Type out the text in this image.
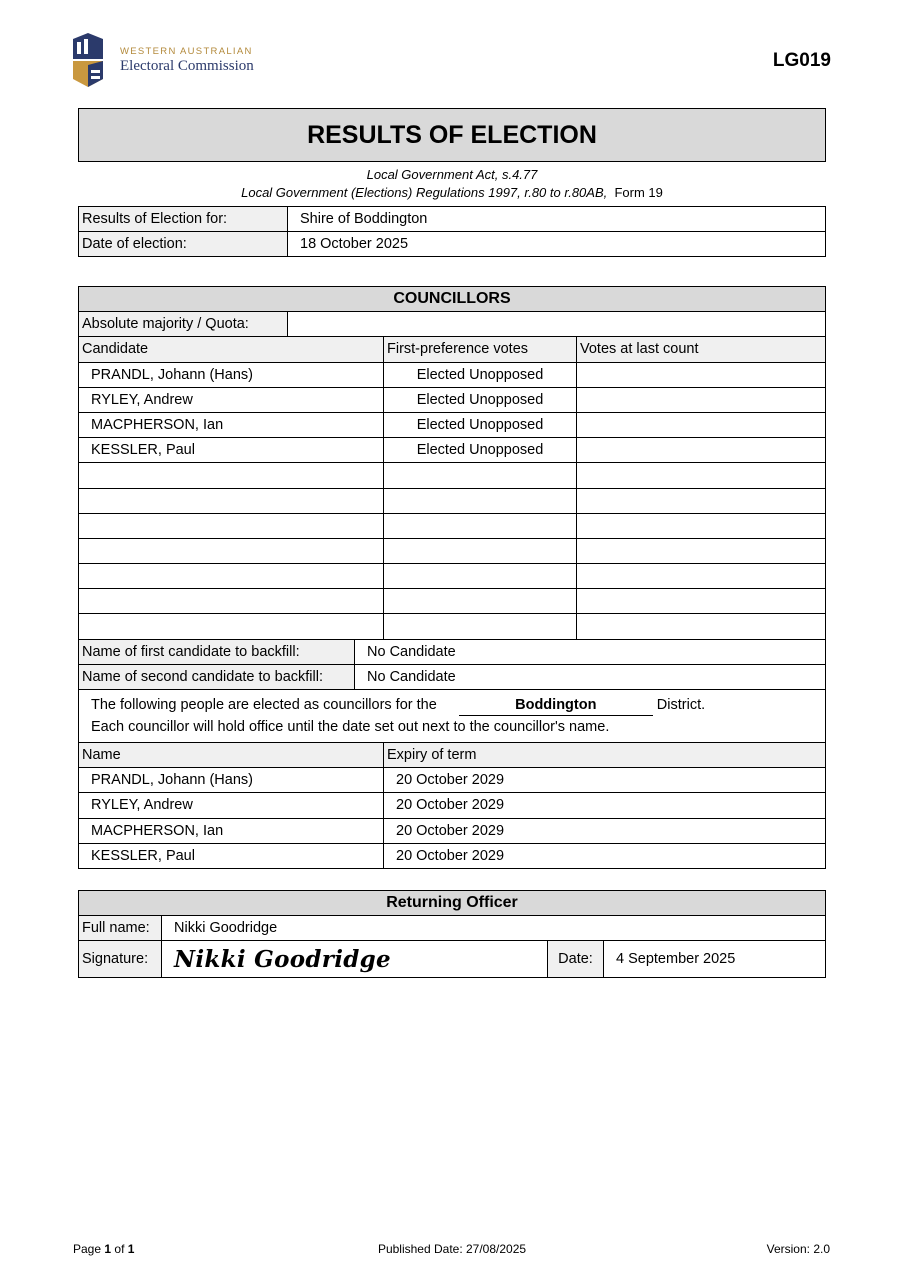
WESTERN AUSTRALIAN
Electoral Commission	LG019
RESULTS OF ELECTION
Local Government Act, s.4.77
Local Government (Elections) Regulations 1997, r.80 to r.80AB, Form 19
Results of Election for:	Shire of Boddington
Date of election:	18 October 2025
COUNCILLORS				
Absolute majority / Quota:				
Candidate			First-preference votes	Votes at last count
PRANDL, Johann (Hans)			Elected Unopposed	
RYLEY, Andrew			Elected Unopposed	
MACPHERSON, Ian			Elected Unopposed	
KESSLER, Paul			Elected Unopposed	

Name of first candidate to backfill:		No Candidate		
Name of second candidate to backfill:		No Candidate		
The following people are elected as councillors for the Boddington District.
Each councillor will hold office until the date set out next to the councillor's name.				
Name			Expiry of term	
PRANDL, Johann (Hans)			20 October 2029	
RYLEY, Andrew			20 October 2029	
MACPHERSON, Ian			20 October 2029	
KESSLER, Paul			20 October 2029	
Returning Officer			
Full name:	Nikki Goodridge		
Signature:	Nikki Goodridge	Date:	4 September 2025
Page 1 of 1	Published Date: 27/08/2025	Version: 2.0
